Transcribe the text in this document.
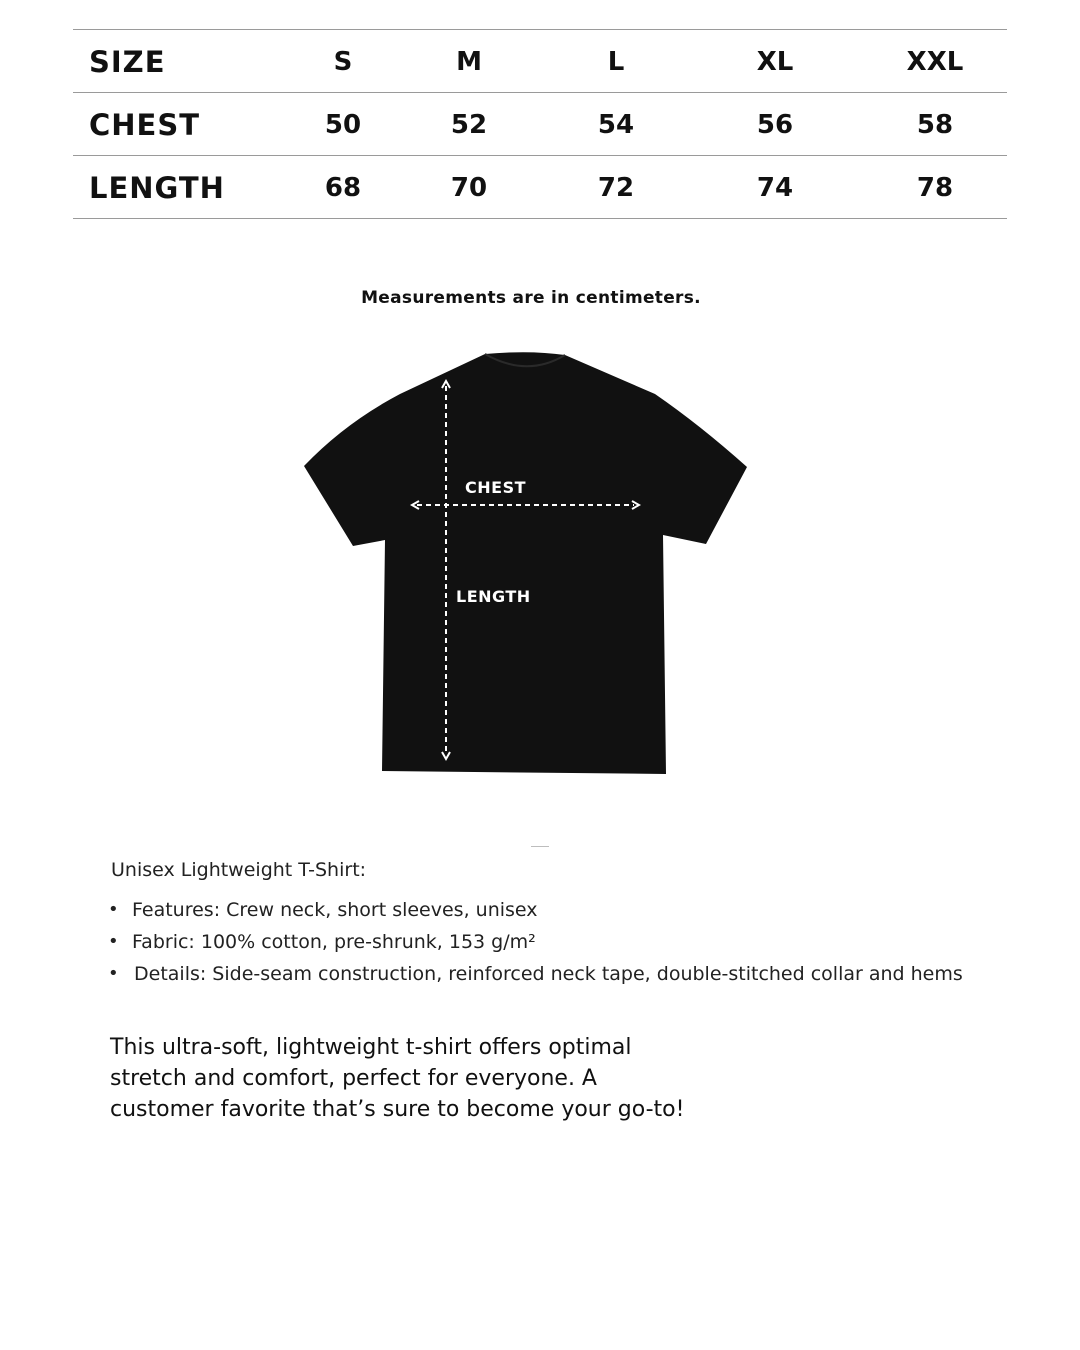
SIZE	S	M	L	XL	XXL
CHEST	50	52	54	56	58
LENGTH	68	70	72	74	78
Measurements are in centimeters.
CHEST
LENGTH
Unisex Lightweight T-Shirt:
• Features: Crew neck, short sleeves, unisex
• Fabric: 100% cotton, pre-shrunk, 153 g/m²
• Details: Side-seam construction, reinforced neck tape, double-stitched collar and hems
This ultra-soft, lightweight t-shirt offers optimal stretch and comfort, perfect for everyone. A customer favorite that’s sure to become your go-to!
